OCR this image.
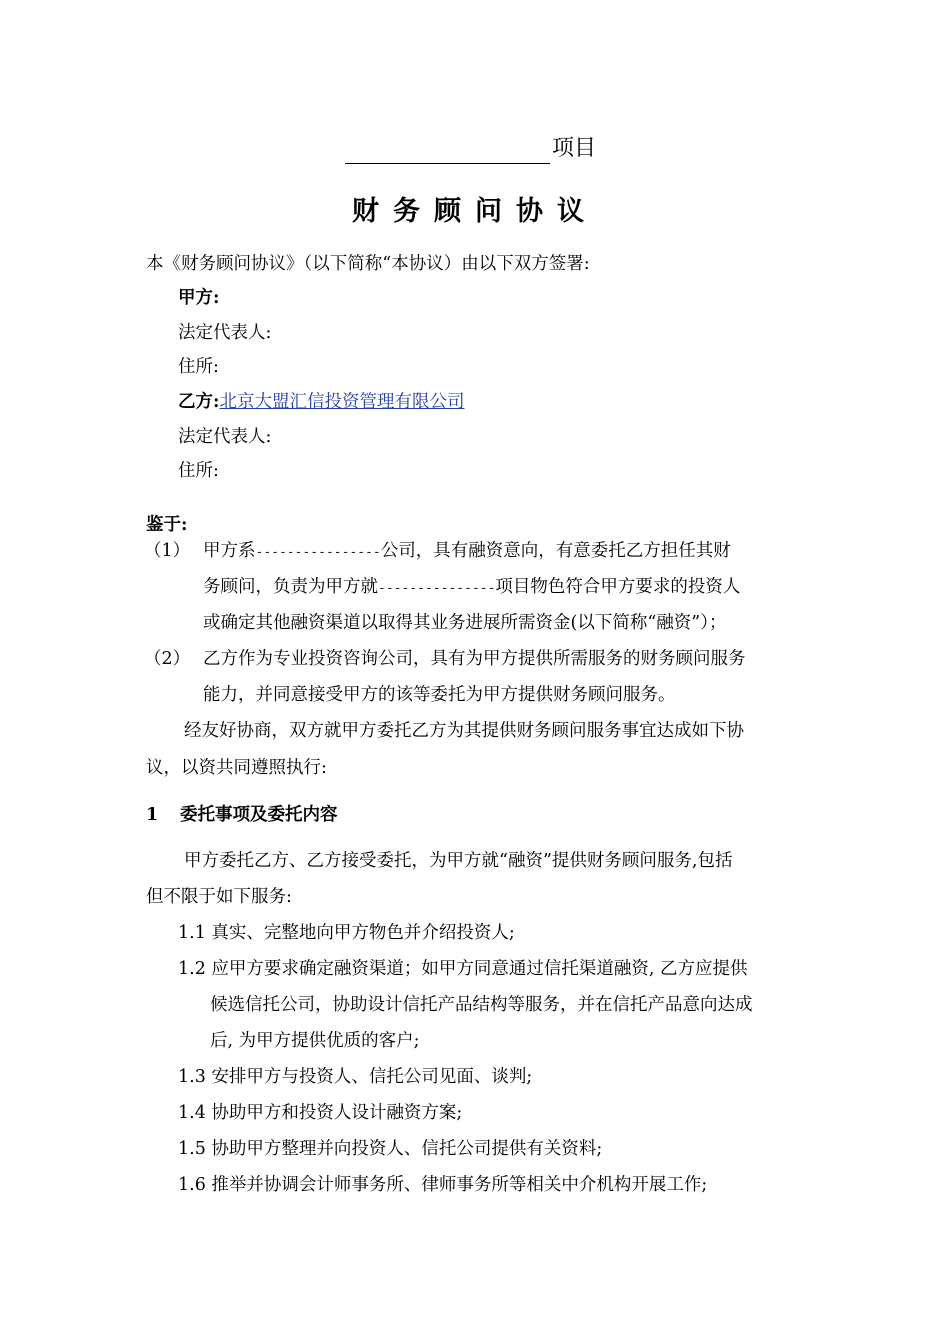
项目
财务顾问协议
本《财务顾问协议》（以下简称“本协议）由以下双方签署:
甲方:
法定代表人:
住所:
乙方:北京大盟汇信投资管理有限公司
法定代表人:
住所:
鉴于:
（1） 甲方系----------------公司，具有融资意向，有意委托乙方担任其财
务顾问，负责为甲方就---------------项目物色符合甲方要求的投资人
或确定其他融资渠道以取得其业务进展所需资金(以下简称“融资”）；
（2） 乙方作为专业投资咨询公司，具有为甲方提供所需服务的财务顾问服务
能力，并同意接受甲方的该等委托为甲方提供财务顾问服务。
经友好协商，双方就甲方委托乙方为其提供财务顾问服务事宜达成如下协
议，以资共同遵照执行:
1 委托事项及委托内容
甲方委托乙方、乙方接受委托，为甲方就“融资”提供财务顾问服务,包括
但不限于如下服务:
1.1 真实、完整地向甲方物色并介绍投资人;
1.2 应甲方要求确定融资渠道；如甲方同意通过信托渠道融资, 乙方应提供
候选信托公司，协助设计信托产品结构等服务，并在信托产品意向达成
后, 为甲方提供优质的客户;
1.3 安排甲方与投资人、信托公司见面、谈判;
1.4 协助甲方和投资人设计融资方案;
1.5 协助甲方整理并向投资人、信托公司提供有关资料;
1.6 推举并协调会计师事务所、律师事务所等相关中介机构开展工作;
